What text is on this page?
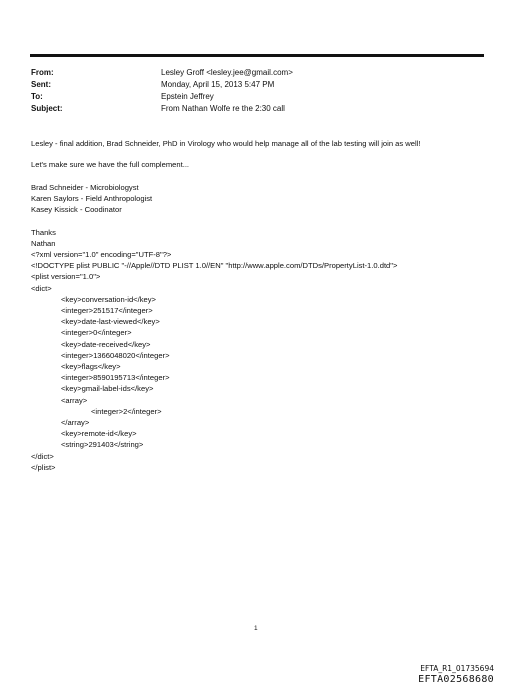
From:	Lesley Groff <lesley.jee@gmail.com>
Sent:	Monday, April 15, 2013 5:47 PM
To:	Epstein Jeffrey
Subject:	From Nathan Wolfe re the 2:30 call
Lesley - final addition, Brad Schneider, PhD in Virology who would help manage all of the lab testing will join as well!
Let's make sure we have the full complement...
Brad Schneider - Microbiologyst
Karen Saylors - Field Anthropologist
Kasey Kissick - Coodinator
Thanks
Nathan
<?xml version="1.0" encoding="UTF-8"?>
<!DOCTYPE plist PUBLIC "-//Apple//DTD PLIST 1.0//EN" "http://www.apple.com/DTDs/PropertyList-1.0.dtd">
<plist version="1.0">
<dict>
<key>conversation-id</key>
<integer>251517</integer>
<key>date-last-viewed</key>
<integer>0</integer>
<key>date-received</key>
<integer>1366048020</integer>
<key>flags</key>
<integer>8590195713</integer>
<key>gmail-label-ids</key>
<array>
<integer>2</integer>
</array>
<key>remote-id</key>
<string>291403</string>
</dict>
</plist>
1
EFTA_R1_01735694
EFTA02568680
